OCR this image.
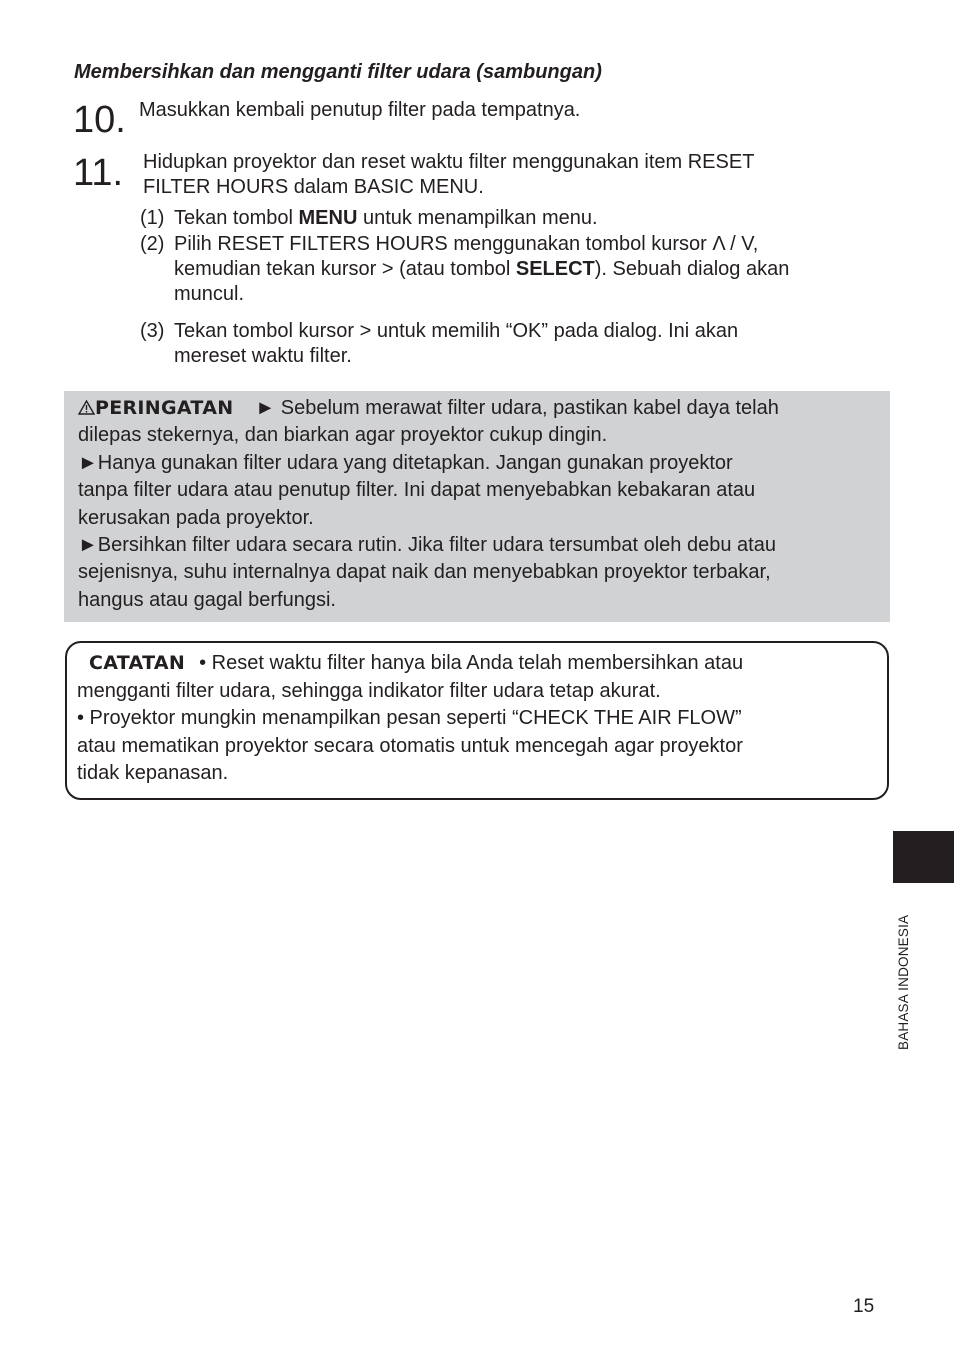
Membersihkan dan mengganti filter udara (sambungan)
10. Masukkan kembali penutup filter pada tempatnya.
11. Hidupkan proyektor dan reset waktu filter menggunakan item RESET
FILTER HOURS dalam BASIC MENU.
(1) Tekan tombol MENU untuk menampilkan menu.
(2) Pilih RESET FILTERS HOURS menggunakan tombol kursor Λ / V,
kemudian tekan kursor > (atau tombol SELECT). Sebuah dialog akan
muncul.
(3) Tekan tombol kursor > untuk memilih “OK” pada dialog. Ini akan
mereset waktu filter.
PERINGATAN ► Sebelum merawat filter udara, pastikan kabel daya telah
dilepas stekernya, dan biarkan agar proyektor cukup dingin.
►Hanya gunakan filter udara yang ditetapkan. Jangan gunakan proyektor
tanpa filter udara atau penutup filter. Ini dapat menyebabkan kebakaran atau
kerusakan pada proyektor.
►Bersihkan filter udara secara rutin. Jika filter udara tersumbat oleh debu atau
sejenisnya, suhu internalnya dapat naik dan menyebabkan proyektor terbakar,
hangus atau gagal berfungsi.
CATATAN • Reset waktu filter hanya bila Anda telah membersihkan atau
mengganti filter udara, sehingga indikator filter udara tetap akurat.
• Proyektor mungkin menampilkan pesan seperti “CHECK THE AIR FLOW”
atau mematikan proyektor secara otomatis untuk mencegah agar proyektor
tidak kepanasan.
BAHASA INDONESIA
15
